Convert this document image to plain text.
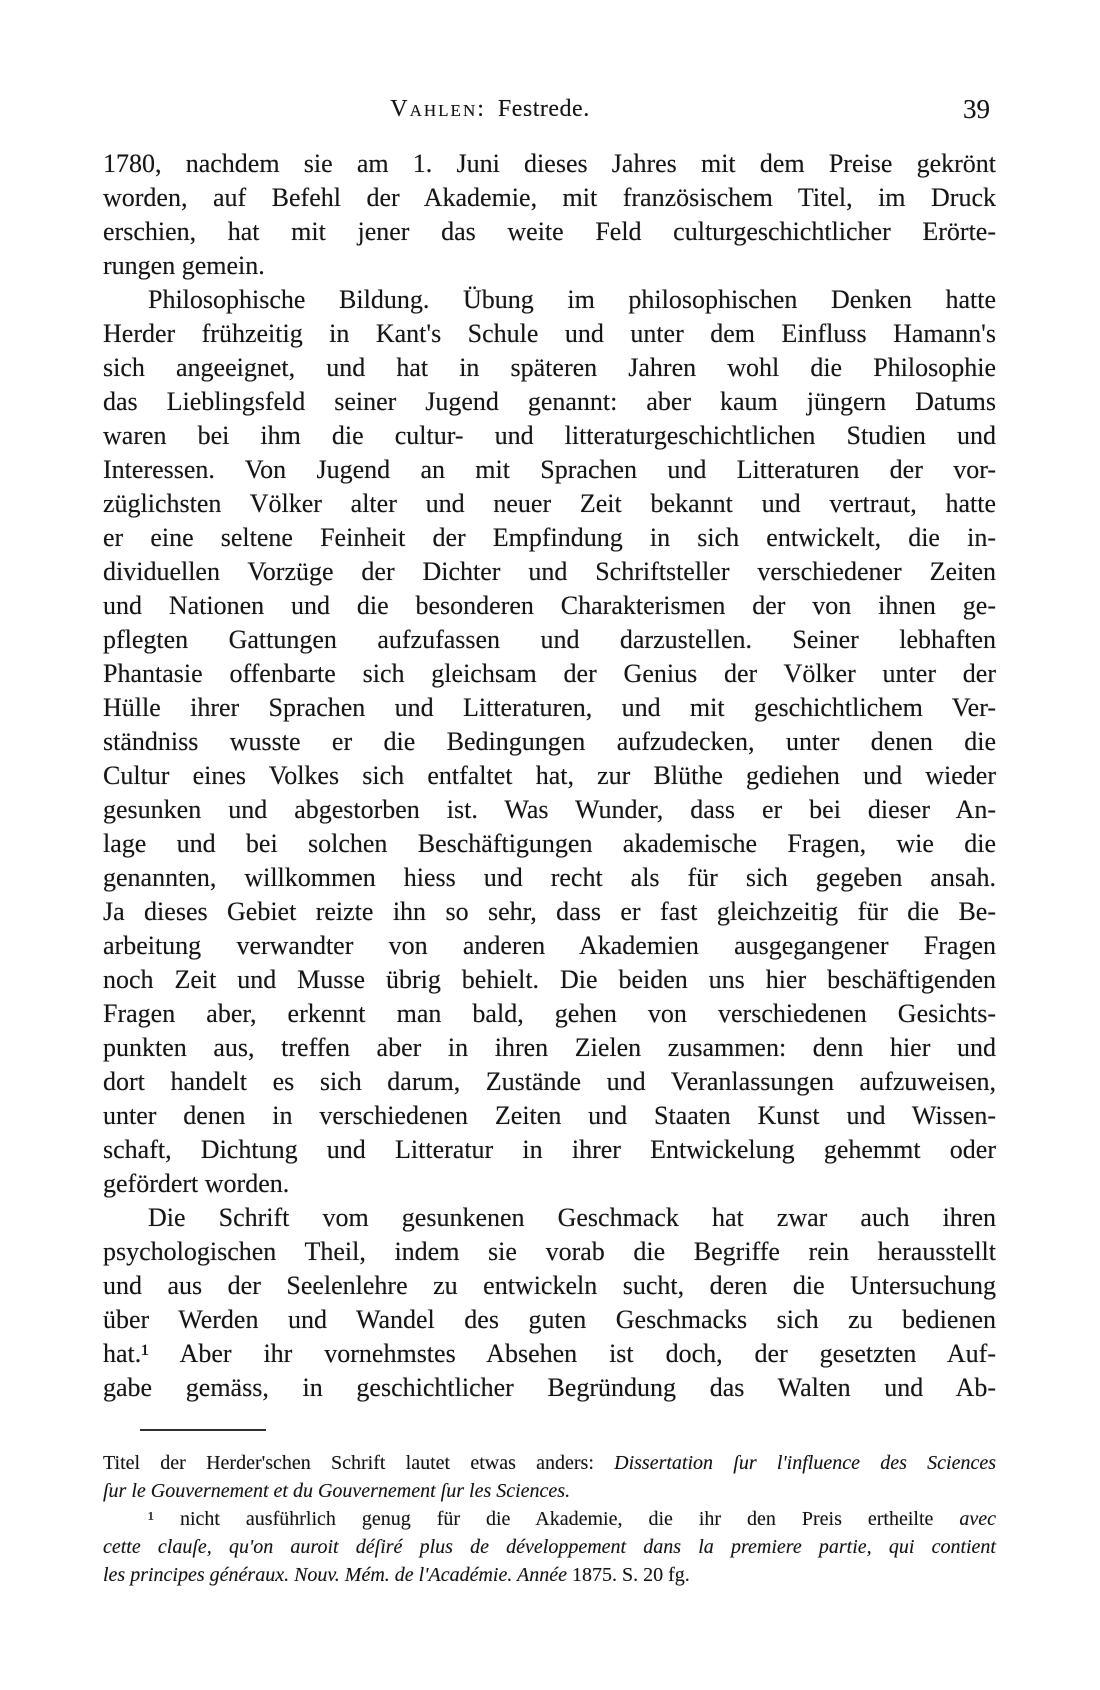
Vahlen: Festrede.	39
1780, nachdem sie am 1. Juni dieses Jahres mit dem Preise gekrönt
worden, auf Befehl der Akademie, mit französischem Titel, im Druck
erschien, hat mit jener das weite Feld culturgeschichtlicher Erörte-
rungen gemein.
Philosophische Bildung. Übung im philosophischen Denken hatte
Herder frühzeitig in Kant's Schule und unter dem Einfluss Hamann's
sich angeeignet, und hat in späteren Jahren wohl die Philosophie
das Lieblingsfeld seiner Jugend genannt: aber kaum jüngern Datums
waren bei ihm die cultur- und litteraturgeschichtlichen Studien und
Interessen. Von Jugend an mit Sprachen und Litteraturen der vor-
züglichsten Völker alter und neuer Zeit bekannt und vertraut, hatte
er eine seltene Feinheit der Empfindung in sich entwickelt, die in-
dividuellen Vorzüge der Dichter und Schriftsteller verschiedener Zeiten
und Nationen und die besonderen Charakterismen der von ihnen ge-
pflegten Gattungen aufzufassen und darzustellen. Seiner lebhaften
Phantasie offenbarte sich gleichsam der Genius der Völker unter der
Hülle ihrer Sprachen und Litteraturen, und mit geschichtlichem Ver-
ständniss wusste er die Bedingungen aufzudecken, unter denen die
Cultur eines Volkes sich entfaltet hat, zur Blüthe gediehen und wieder
gesunken und abgestorben ist. Was Wunder, dass er bei dieser An-
lage und bei solchen Beschäftigungen akademische Fragen, wie die
genannten, willkommen hiess und recht als für sich gegeben ansah.
Ja dieses Gebiet reizte ihn so sehr, dass er fast gleichzeitig für die Be-
arbeitung verwandter von anderen Akademien ausgegangener Fragen
noch Zeit und Musse übrig behielt. Die beiden uns hier beschäftigenden
Fragen aber, erkennt man bald, gehen von verschiedenen Gesichts-
punkten aus, treffen aber in ihren Zielen zusammen: denn hier und
dort handelt es sich darum, Zustände und Veranlassungen aufzuweisen,
unter denen in verschiedenen Zeiten und Staaten Kunst und Wissen-
schaft, Dichtung und Litteratur in ihrer Entwickelung gehemmt oder
gefördert worden.
Die Schrift vom gesunkenen Geschmack hat zwar auch ihren
psychologischen Theil, indem sie vorab die Begriffe rein herausstellt
und aus der Seelenlehre zu entwickeln sucht, deren die Untersuchung
über Werden und Wandel des guten Geschmacks sich zu bedienen
hat.¹ Aber ihr vornehmstes Absehen ist doch, der gesetzten Auf-
gabe gemäss, in geschichtlicher Begründung das Walten und Ab-
Titel der Herder'schen Schrift lautet etwas anders: Dissertation ſur l'influence des Sciences
ſur le Gouvernement et du Gouvernement ſur les Sciences.
¹ nicht ausführlich genug für die Akademie, die ihr den Preis ertheilte avec
cette clauſe, qu'on auroit déſiré plus de développement dans la premiere partie, qui contient
les principes généraux. Nouv. Mém. de l'Académie. Année 1875. S. 20 fg.
